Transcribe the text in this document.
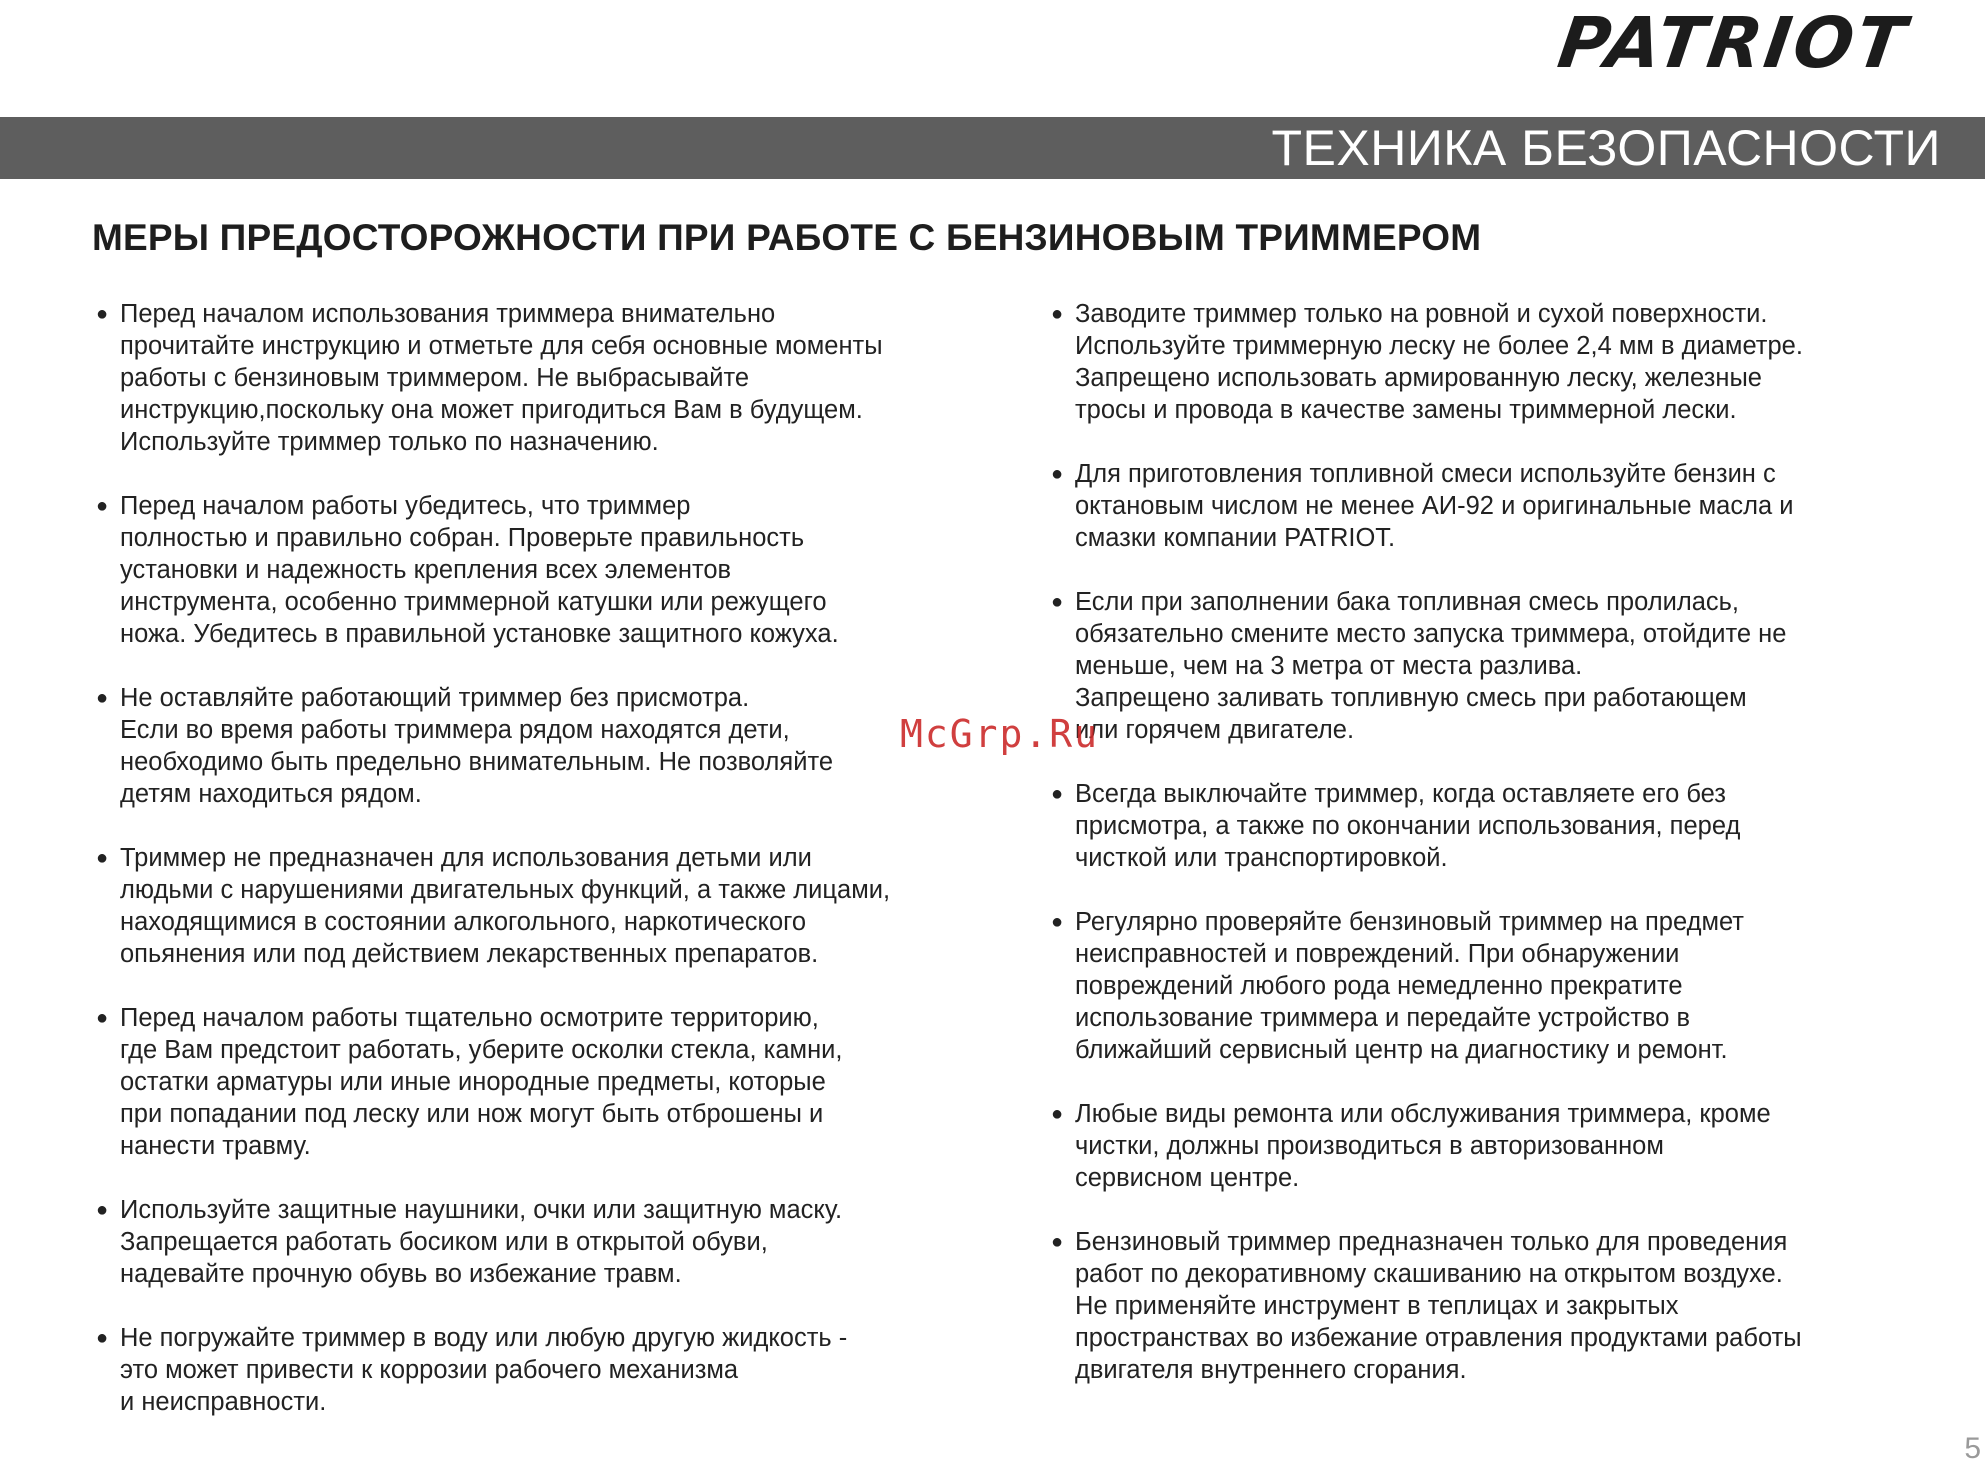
PATRIOT
ТЕХНИКА БЕЗОПАСНОСТИ
МЕРЫ ПРЕДОСТОРОЖНОСТИ ПРИ РАБОТЕ С БЕНЗИНОВЫМ ТРИММЕРОМ
● Перед началом использования триммера внимательно
прочитайте инструкцию и отметьте для себя основные моменты
работы с бензиновым триммером. Не выбрасывайте
инструкцию,поскольку она может пригодиться Вам в будущем.
Используйте триммер только по назначению.
● Перед началом работы убедитесь, что триммер
полностью и правильно собран. Проверьте правильность
установки и надежность крепления всех элементов
инструмента, особенно триммерной катушки или режущего
ножа. Убедитесь в правильной установке защитного кожуха.
● Не оставляйте работающий триммер без присмотра.
Если во время работы триммера рядом находятся дети,
необходимо быть предельно внимательным. Не позволяйте
детям находиться рядом.
● Триммер не предназначен для использования детьми или
людьми с нарушениями двигательных функций, а также лицами,
находящимися в состоянии алкогольного, наркотического
опьянения или под действием лекарственных препаратов.
● Перед началом работы тщательно осмотрите территорию,
где Вам предстоит работать, уберите осколки стекла, камни,
остатки арматуры или иные инородные предметы, которые
при попадании под леску или нож могут быть отброшены и
нанести травму.
● Используйте защитные наушники, очки или защитную маску.
Запрещается работать босиком или в открытой обуви,
надевайте прочную обувь во избежание травм.
● Не погружайте триммер в воду или любую другую жидкость -
это может привести к коррозии рабочего механизма
и неисправности.
● Заводите триммер только на ровной и сухой поверхности.
Используйте триммерную леску не более 2,4 мм в диаметре.
Запрещено использовать армированную леску, железные
тросы и провода в качестве замены триммерной лески.
● Для приготовления топливной смеси используйте бензин с
октановым числом не менее АИ-92 и оригинальные масла и
смазки компании PATRIOT.
● Если при заполнении бака топливная смесь пролилась,
обязательно смените место запуска триммера, отойдите не
меньше, чем на 3 метра от места разлива.
Запрещено заливать топливную смесь при работающем
или горячем двигателе.
● Всегда выключайте триммер, когда оставляете его без
присмотра, а также по окончании использования, перед
чисткой или транспортировкой.
● Регулярно проверяйте бензиновый триммер на предмет
неисправностей и повреждений. При обнаружении
повреждений любого рода немедленно прекратите
использование триммера и передайте устройство в
ближайший сервисный центр на диагностику и ремонт.
● Любые виды ремонта или обслуживания триммера, кроме
чистки, должны производиться в авторизованном
сервисном центре.
● Бензиновый триммер предназначен только для проведения
работ по декоративному скашиванию на открытом воздухе.
Не применяйте инструмент в теплицах и закрытых
пространствах во избежание отравления продуктами работы
двигателя внутреннего сгорания.
McGrp.Ru
5
